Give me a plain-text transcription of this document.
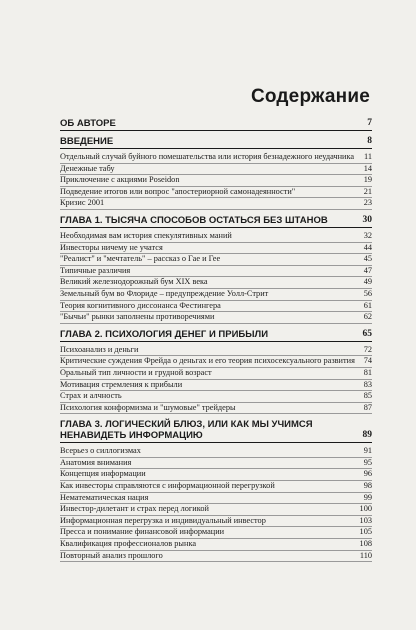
Содержание
ОБ АВТОРЕ	7
ВВЕДЕНИЕ	8
Отдельный случай буйного помешательства или история безнадежного неудачника	11
Денежные табу	14
Приключение с акциями Poseidon	19
Подведение итогов или вопрос "апостериорной самонадеянности"	21
Кризис 2001	23
ГЛАВА 1. ТЫСЯЧА СПОСОБОВ ОСТАТЬСЯ БЕЗ ШТАНОВ	30
Необходимая вам история спекулятивных маний	32
Инвесторы ничему не учатся	44
"Реалист" и "мечтатель" – рассказ о Гае и Гее	45
Типичные различия	47
Великий железнодорожный бум XIX века	49
Земельный бум во Флориде – предупреждение Уолл-Стрит	56
Теория когнитивного диссонанса Фестингера	61
"Бычьи" рынки заполнены противоречиями	62
ГЛАВА 2. ПСИХОЛОГИЯ ДЕНЕГ И ПРИБЫЛИ	65
Психоанализ и деньги	72
Критические суждения Фрейда о деньгах и его теория психосексуального развития	74
Оральный тип личности и грудной возраст	81
Мотивация стремления к прибыли	83
Страх и алчность	85
Психология конформизма и "шумовые" трейдеры	87
ГЛАВА 3. ЛОГИЧЕСКИЙ БЛЮЗ, ИЛИ КАК МЫ УЧИМСЯ НЕНАВИДЕТЬ ИНФОРМАЦИЮ	89
Всерьез о силлогизмах	91
Анатомия внимания	95
Концепция информации	96
Как инвесторы справляются с информационной перегрузкой	98
Нематематическая нация	99
Инвестор-дилетант и страх перед логикой	100
Информационная перегрузка и индивидуальный инвестор	103
Пресса и понимание финансовой информации	105
Квалификация профессионалов рынка	108
Повторный анализ прошлого	110
